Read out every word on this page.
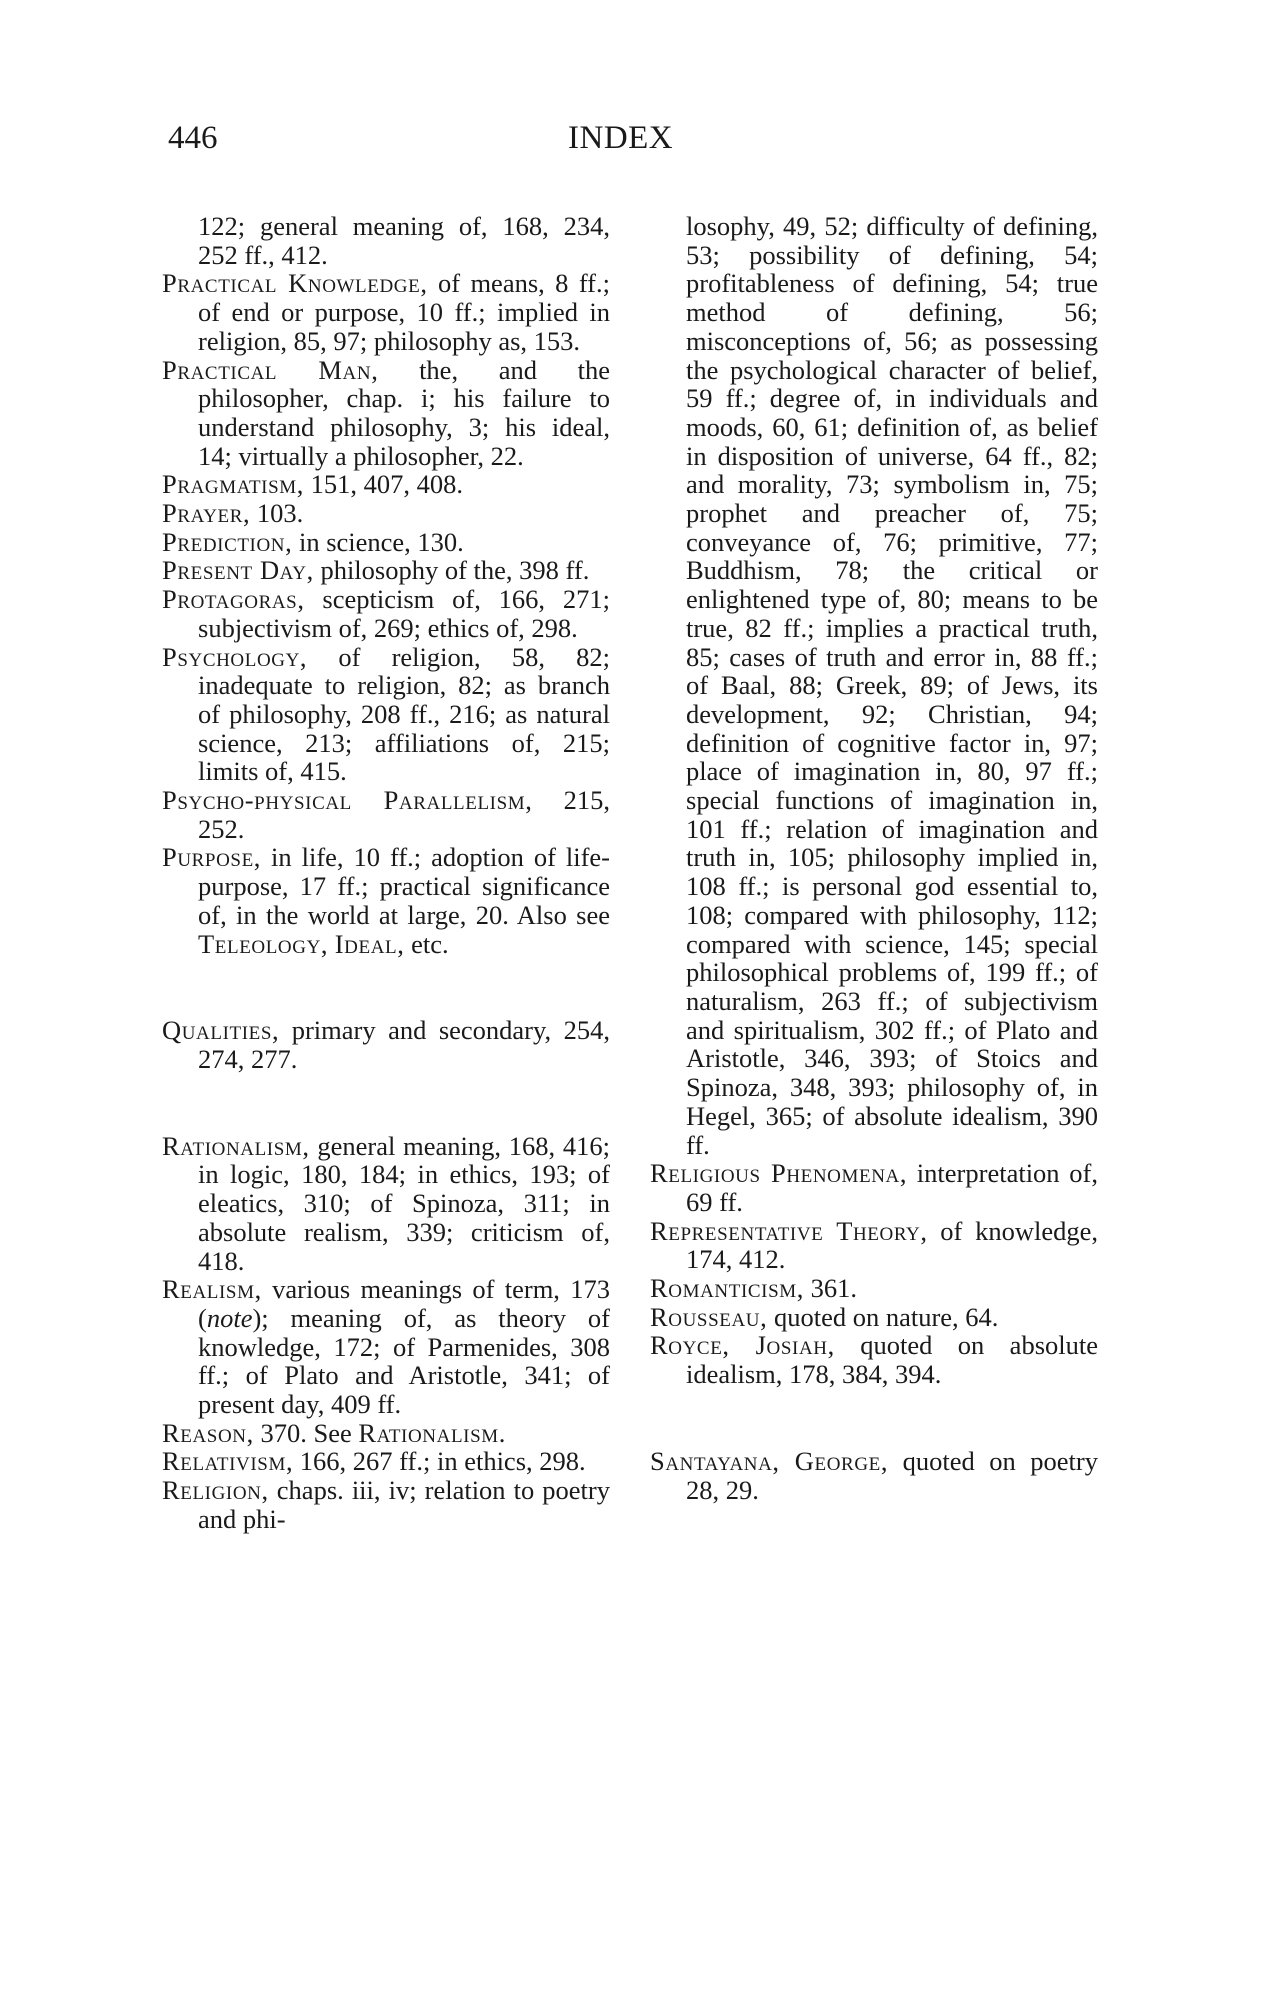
446	INDEX

122; general meaning of, 168, 234, 252 ff., 412.

Practical Knowledge, of means, 8 ff.; of end or purpose, 10 ff.; implied in religion, 85, 97; philosophy as, 153.

Practical Man, the, and the philosopher, chap. i; his failure to understand philosophy, 3; his ideal, 14; virtually a philosopher, 22.

Pragmatism, 151, 407, 408.

Prayer, 103.

Prediction, in science, 130.

Present Day, philosophy of the, 398 ff.

Protagoras, scepticism of, 166, 271; subjectivism of, 269; ethics of, 298.

Psychology, of religion, 58, 82; inadequate to religion, 82; as branch of philosophy, 208 ff., 216; as natural science, 213; affiliations of, 215; limits of, 415.

Psycho-physical Parallelism, 215, 252.

Purpose, in life, 10 ff.; adoption of life-purpose, 17 ff.; practical significance of, in the world at large, 20. Also see Teleology, Ideal, etc.

Qualities, primary and secondary, 254, 274, 277.

Rationalism, general meaning, 168, 416; in logic, 180, 184; in ethics, 193; of eleatics, 310; of Spinoza, 311; in absolute realism, 339; criticism of, 418.

Realism, various meanings of term, 173 (note); meaning of, as theory of knowledge, 172; of Parmenides, 308 ff.; of Plato and Aristotle, 341; of present day, 409 ff.

Reason, 370. See Rationalism.

Relativism, 166, 267 ff.; in ethics, 298.

Religion, chaps. iii, iv; relation to poetry and phi-

losophy, 49, 52; difficulty of defining, 53; possibility of defining, 54; profitableness of defining, 54; true method of defining, 56; misconceptions of, 56; as possessing the psychological character of belief, 59 ff.; degree of, in individuals and moods, 60, 61; definition of, as belief in disposition of universe, 64 ff., 82; and morality, 73; symbolism in, 75; prophet and preacher of, 75; conveyance of, 76; primitive, 77; Buddhism, 78; the critical or enlightened type of, 80; means to be true, 82 ff.; implies a practical truth, 85; cases of truth and error in, 88 ff.; of Baal, 88; Greek, 89; of Jews, its development, 92; Christian, 94; definition of cognitive factor in, 97; place of imagination in, 80, 97 ff.; special functions of imagination in, 101 ff.; relation of imagination and truth in, 105; philosophy implied in, 108 ff.; is personal god essential to, 108; compared with philosophy, 112; compared with science, 145; special philosophical problems of, 199 ff.; of naturalism, 263 ff.; of subjectivism and spiritualism, 302 ff.; of Plato and Aristotle, 346, 393; of Stoics and Spinoza, 348, 393; philosophy of, in Hegel, 365; of absolute idealism, 390 ff.

Religious Phenomena, interpretation of, 69 ff.

Representative Theory, of knowledge, 174, 412.

Romanticism, 361.

Rousseau, quoted on nature, 64.

Royce, Josiah, quoted on absolute idealism, 178, 384, 394.

Santayana, George, quoted on poetry 28, 29.
